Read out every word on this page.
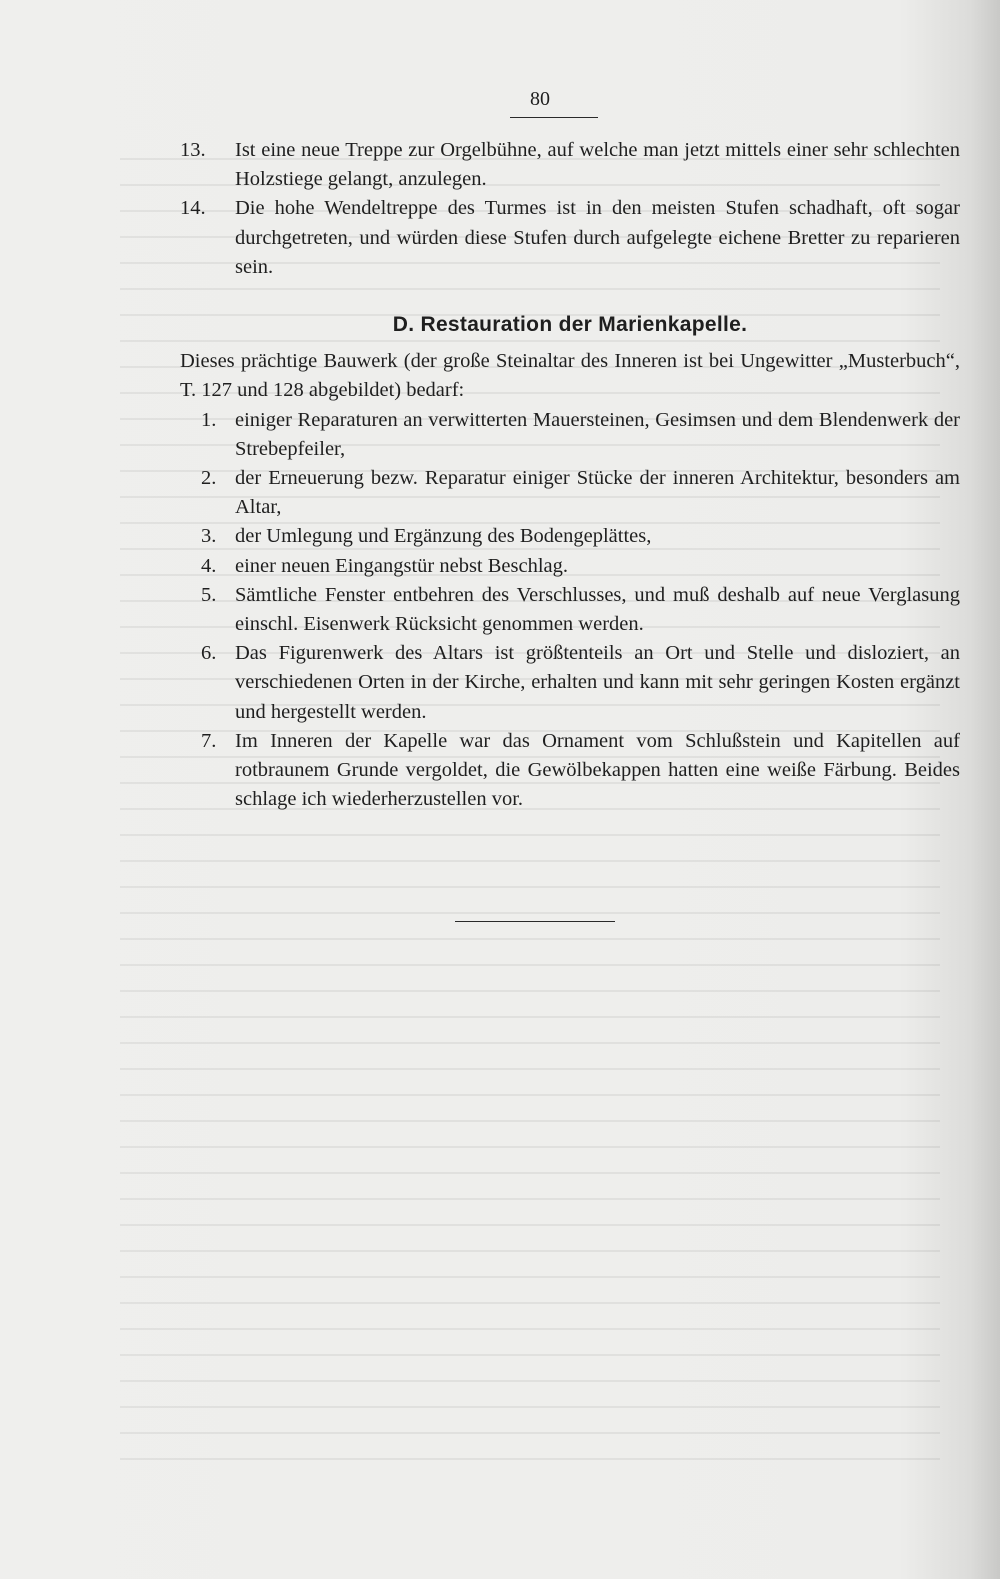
80

13.	Ist eine neue Treppe zur Orgelbühne, auf welche man jetzt mittels einer sehr schlechten Holzstiege gelangt, anzulegen.

14.	Die hohe Wendeltreppe des Turmes ist in den meisten Stufen schadhaft, oft sogar durchgetreten, und würden diese Stufen durch aufgelegte eichene Bretter zu reparieren sein.

D. Restauration der Marienkapelle.

Dieses prächtige Bauwerk (der große Steinaltar des Inneren ist bei Ungewitter „Musterbuch“, T. 127 und 128 abgebildet) bedarf:

1. einiger Reparaturen an verwitterten Mauersteinen, Gesimsen und dem Blendenwerk der Strebepfeiler,

2. der Erneuerung bezw. Reparatur einiger Stücke der inneren Architektur, besonders am Altar,

3. der Umlegung und Ergänzung des Bodengeplättes,

4. einer neuen Eingangstür nebst Beschlag.

5. Sämtliche Fenster entbehren des Verschlusses, und muß deshalb auf neue Verglasung einschl. Eisenwerk Rücksicht genommen werden.

6. Das Figurenwerk des Altars ist größtenteils an Ort und Stelle und disloziert, an verschiedenen Orten in der Kirche, erhalten und kann mit sehr geringen Kosten ergänzt und hergestellt werden.

7. Im Inneren der Kapelle war das Ornament vom Schlußstein und Kapitellen auf rotbraunem Grunde vergoldet, die Gewölbekappen hatten eine weiße Färbung. Beides schlage ich wiederherzustellen vor.
